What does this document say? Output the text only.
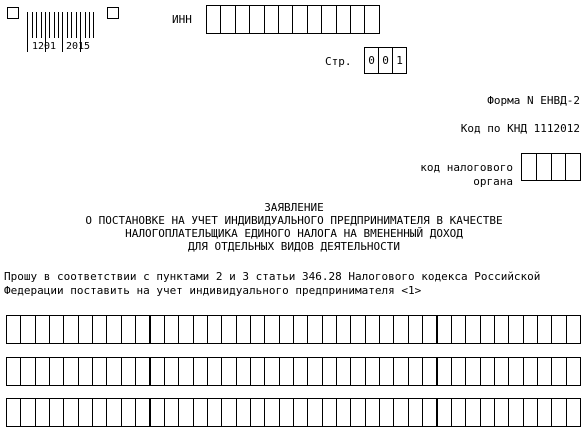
1201 2015
ИНН
Стр.	0 0 1
Форма N ЕНВД-2
Код по КНД 1112012
код налогового
органа
ЗАЯВЛЕНИЕ
О ПОСТАНОВКЕ НА УЧЕТ ИНДИВИДУАЛЬНОГО ПРЕДПРИНИМАТЕЛЯ В КАЧЕСТВЕ
НАЛОГОПЛАТЕЛЬЩИКА ЕДИНОГО НАЛОГА НА ВМЕНЕННЫЙ ДОХОД
ДЛЯ ОТДЕЛЬНЫХ ВИДОВ ДЕЯТЕЛЬНОСТИ
Прошу в соответствии с пунктами 2 и 3 статьи 346.28 Налогового кодекса Российской
Федерации поставить на учет индивидуального предпринимателя <1>
